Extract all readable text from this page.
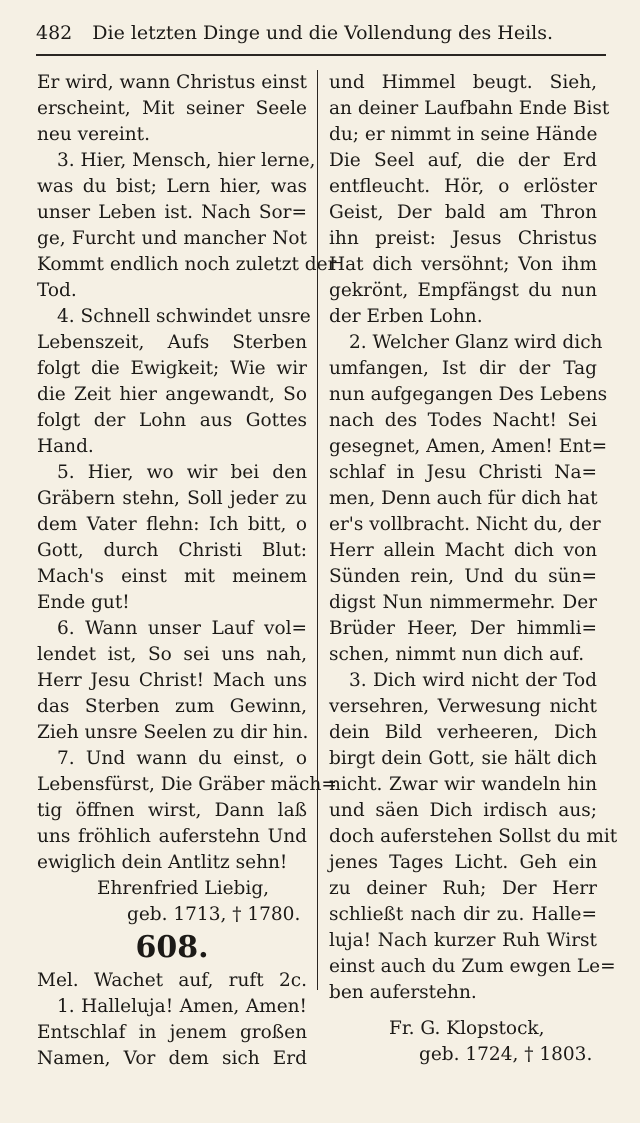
482 Die letzten Dinge und die Vollendung des Heils.
Er wird, wann Christus einst
erscheint, Mit seiner Seele
neu vereint.
3. Hier, Mensch, hier lerne,
was du bist; Lern hier, was
unser Leben ist. Nach Sor=
ge, Furcht und mancher Not
Kommt endlich noch zuletzt der
Tod.
4. Schnell schwindet unsre
Lebenszeit, Aufs Sterben
folgt die Ewigkeit; Wie wir
die Zeit hier angewandt, So
folgt der Lohn aus Gottes
Hand.
5. Hier, wo wir bei den
Gräbern stehn, Soll jeder zu
dem Vater flehn: Ich bitt, o
Gott, durch Christi Blut:
Mach's einst mit meinem
Ende gut!
6. Wann unser Lauf vol=
lendet ist, So sei uns nah,
Herr Jesu Christ! Mach uns
das Sterben zum Gewinn,
Zieh unsre Seelen zu dir hin.
7. Und wann du einst, o
Lebensfürst, Die Gräber mäch=
tig öffnen wirst, Dann laß
uns fröhlich auferstehn Und
ewiglich dein Antlitz sehn!
Ehrenfried Liebig,
geb. 1713, † 1780.
608.
Mel. Wachet auf, ruft 2c.
1. Halleluja! Amen, Amen!
Entschlaf in jenem großen
Namen, Vor dem sich Erd
und Himmel beugt. Sieh,
an deiner Laufbahn Ende Bist
du; er nimmt in seine Hände
Die Seel auf, die der Erd
entfleucht. Hör, o erlöster
Geist, Der bald am Thron
ihn preist: Jesus Christus
Hat dich versöhnt; Von ihm
gekrönt, Empfängst du nun
der Erben Lohn.
2. Welcher Glanz wird dich
umfangen, Ist dir der Tag
nun aufgegangen Des Lebens
nach des Todes Nacht! Sei
gesegnet, Amen, Amen! Ent=
schlaf in Jesu Christi Na=
men, Denn auch für dich hat
er's vollbracht. Nicht du, der
Herr allein Macht dich von
Sünden rein, Und du sün=
digst Nun nimmermehr. Der
Brüder Heer, Der himmli=
schen, nimmt nun dich auf.
3. Dich wird nicht der Tod
versehren, Verwesung nicht
dein Bild verheeren, Dich
birgt dein Gott, sie hält dich
nicht. Zwar wir wandeln hin
und säen Dich irdisch aus;
doch auferstehen Sollst du mit
jenes Tages Licht. Geh ein
zu deiner Ruh; Der Herr
schließt nach dir zu. Halle=
luja! Nach kurzer Ruh Wirst
einst auch du Zum ewgen Le=
ben auferstehn.
Fr. G. Klopstock,
geb. 1724, † 1803.
